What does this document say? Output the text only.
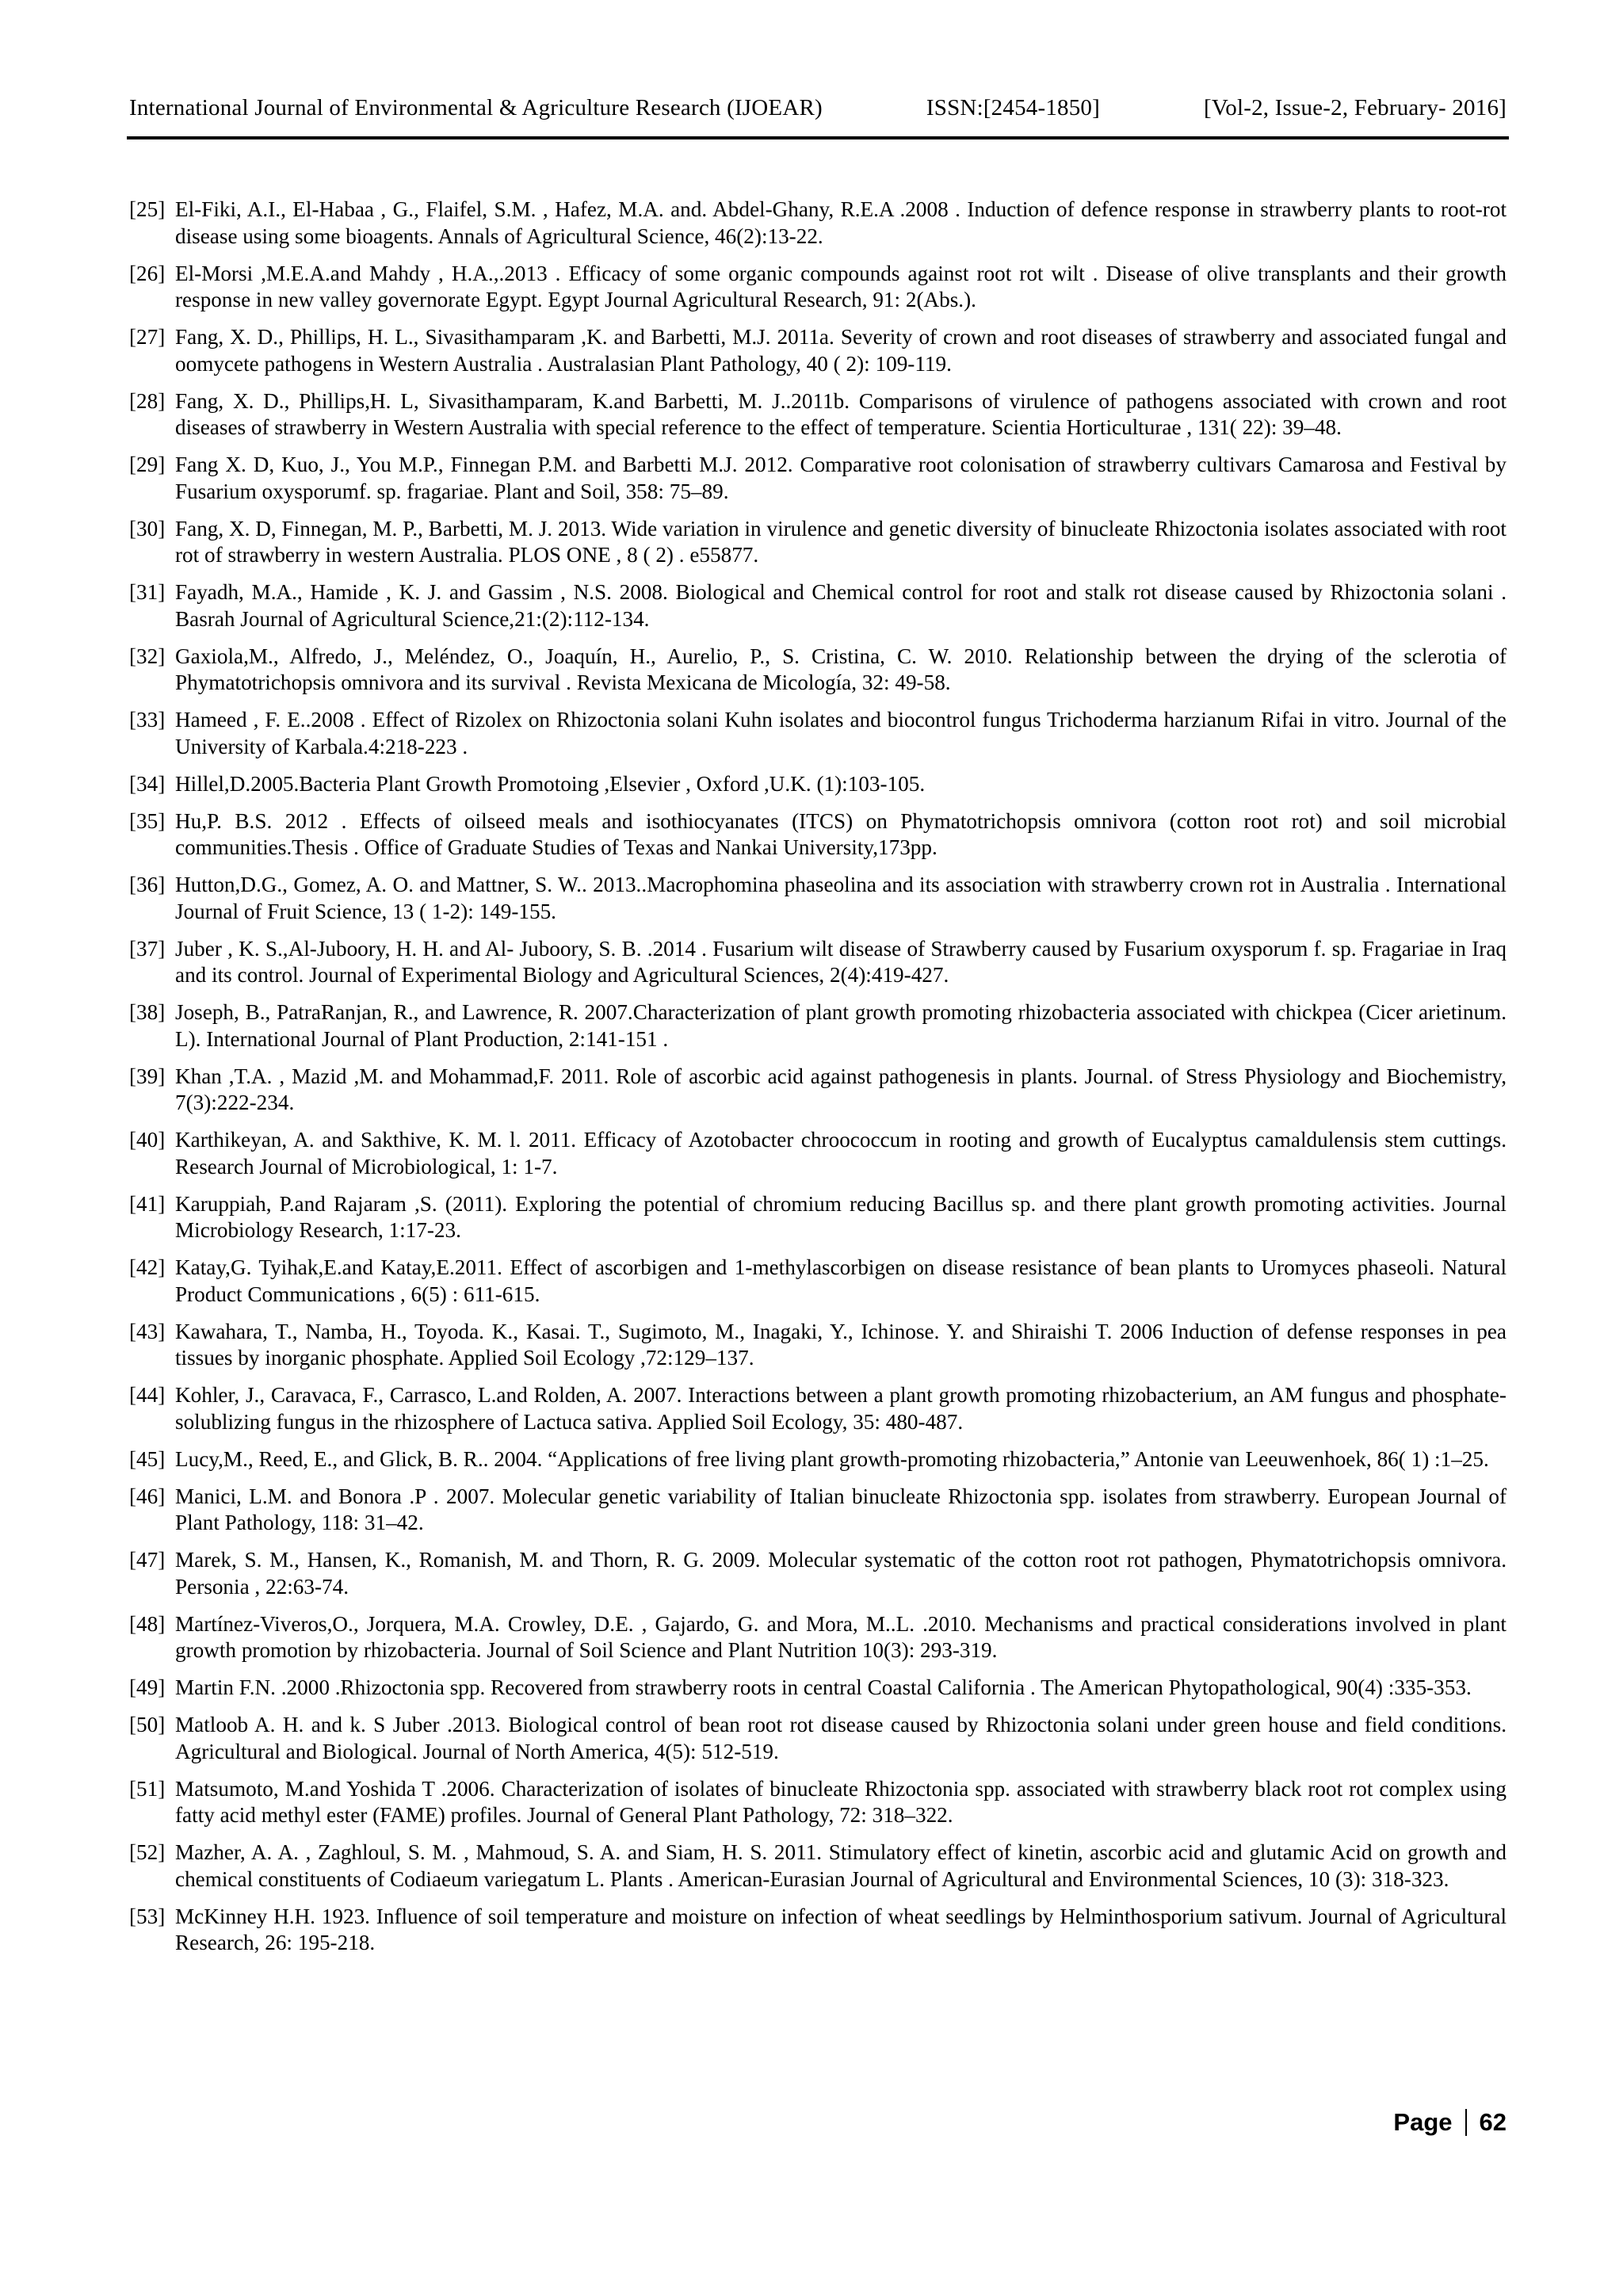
International Journal of Environmental & Agriculture Research (IJOEAR)	ISSN:[2454-1850]	[Vol-2, Issue-2, February- 2016]
[25] El-Fiki, A.I., El-Habaa , G., Flaifel, S.M. , Hafez, M.A. and. Abdel-Ghany, R.E.A .2008 . Induction of defence response in strawberry plants to root-rot disease using some bioagents. Annals of Agricultural Science, 46(2):13-22.
[26] El-Morsi ,M.E.A.and Mahdy , H.A.,.2013 . Efficacy of some organic compounds against root rot wilt . Disease of olive transplants and their growth response in new valley governorate Egypt. Egypt Journal Agricultural Research, 91: 2(Abs.).
[27] Fang, X. D., Phillips, H. L., Sivasithamparam ,K. and Barbetti, M.J. 2011a. Severity of crown and root diseases of strawberry and associated fungal and oomycete pathogens in Western Australia . Australasian Plant Pathology, 40 ( 2): 109-119.
[28] Fang, X. D., Phillips,H. L, Sivasithamparam, K.and Barbetti, M. J..2011b. Comparisons of virulence of pathogens associated with crown and root diseases of strawberry in Western Australia with special reference to the effect of temperature. Scientia Horticulturae , 131( 22): 39–48.
[29] Fang X. D, Kuo, J., You M.P., Finnegan P.M. and Barbetti M.J. 2012. Comparative root colonisation of strawberry cultivars Camarosa and Festival by Fusarium oxysporumf. sp. fragariae. Plant and Soil, 358: 75–89.
[30] Fang, X. D, Finnegan, M. P., Barbetti, M. J. 2013. Wide variation in virulence and genetic diversity of binucleate Rhizoctonia isolates associated with root rot of strawberry in western Australia. PLOS ONE , 8 ( 2) . e55877.
[31] Fayadh, M.A., Hamide , K. J. and Gassim , N.S. 2008. Biological and Chemical control for root and stalk rot disease caused by Rhizoctonia solani . Basrah Journal of Agricultural Science,21:(2):112-134.
[32] Gaxiola,M., Alfredo, J., Meléndez, O., Joaquín, H., Aurelio, P., S. Cristina, C. W. 2010. Relationship between the drying of the sclerotia of Phymatotrichopsis omnivora and its survival . Revista Mexicana de Micología, 32: 49-58.
[33] Hameed , F. E..2008 . Effect of Rizolex on Rhizoctonia solani Kuhn isolates and biocontrol fungus Trichoderma harzianum Rifai in vitro. Journal of the University of Karbala.4:218-223 .
[34] Hillel,D.2005.Bacteria Plant Growth Promotoing ,Elsevier , Oxford ,U.K. (1):103-105.
[35] Hu,P. B.S. 2012 . Effects of oilseed meals and isothiocyanates (ITCS) on Phymatotrichopsis omnivora (cotton root rot) and soil microbial communities.Thesis . Office of Graduate Studies of Texas and Nankai University,173pp.
[36] Hutton,D.G., Gomez, A. O. and Mattner, S. W.. 2013..Macrophomina phaseolina and its association with strawberry crown rot in Australia . International Journal of Fruit Science, 13 ( 1-2): 149-155.
[37] Juber , K. S.,Al-Juboory, H. H. and Al- Juboory, S. B. .2014 . Fusarium wilt disease of Strawberry caused by Fusarium oxysporum f. sp. Fragariae in Iraq and its control. Journal of Experimental Biology and Agricultural Sciences, 2(4):419-427.
[38] Joseph, B., PatraRanjan, R., and Lawrence, R. 2007.Characterization of plant growth promoting rhizobacteria associated with chickpea (Cicer arietinum. L). International Journal of Plant Production, 2:141-151 .
[39] Khan ,T.A. , Mazid ,M. and Mohammad,F. 2011. Role of ascorbic acid against pathogenesis in plants. Journal. of Stress Physiology and Biochemistry, 7(3):222-234.
[40] Karthikeyan, A. and Sakthive, K. M. l. 2011. Efficacy of Azotobacter chroococcum in rooting and growth of Eucalyptus camaldulensis stem cuttings. Research Journal of Microbiological, 1: 1-7.
[41] Karuppiah, P.and Rajaram ,S. (2011). Exploring the potential of chromium reducing Bacillus sp. and there plant growth promoting activities. Journal Microbiology Research, 1:17-23.
[42] Katay,G. Tyihak,E.and Katay,E.2011. Effect of ascorbigen and 1-methylascorbigen on disease resistance of bean plants to Uromyces phaseoli. Natural Product Communications , 6(5) : 611-615.
[43] Kawahara, T., Namba, H., Toyoda. K., Kasai. T., Sugimoto, M., Inagaki, Y., Ichinose. Y. and Shiraishi T. 2006 Induction of defense responses in pea tissues by inorganic phosphate. Applied Soil Ecology ,72:129–137.
[44] Kohler, J., Caravaca, F., Carrasco, L.and Rolden, A. 2007. Interactions between a plant growth promoting rhizobacterium, an AM fungus and phosphate-solublizing fungus in the rhizosphere of Lactuca sativa. Applied Soil Ecology, 35: 480-487.
[45] Lucy,M., Reed, E., and Glick, B. R.. 2004. “Applications of free living plant growth-promoting rhizobacteria,” Antonie van Leeuwenhoek, 86( 1) :1–25.
[46] Manici, L.M. and Bonora .P . 2007. Molecular genetic variability of Italian binucleate Rhizoctonia spp. isolates from strawberry. European Journal of Plant Pathology, 118: 31–42.
[47] Marek, S. M., Hansen, K., Romanish, M. and Thorn, R. G. 2009. Molecular systematic of the cotton root rot pathogen, Phymatotrichopsis omnivora. Personia , 22:63-74.
[48] Martínez-Viveros,O., Jorquera, M.A. Crowley, D.E. , Gajardo, G. and Mora, M..L. .2010. Mechanisms and practical considerations involved in plant growth promotion by rhizobacteria. Journal of Soil Science and Plant Nutrition 10(3): 293-319.
[49] Martin F.N. .2000 .Rhizoctonia spp. Recovered from strawberry roots in central Coastal California . The American Phytopathological, 90(4) :335-353.
[50] Matloob A. H. and k. S Juber .2013. Biological control of bean root rot disease caused by Rhizoctonia solani under green house and field conditions. Agricultural and Biological. Journal of North America, 4(5): 512-519.
[51] Matsumoto, M.and Yoshida T .2006. Characterization of isolates of binucleate Rhizoctonia spp. associated with strawberry black root rot complex using fatty acid methyl ester (FAME) profiles. Journal of General Plant Pathology, 72: 318–322.
[52] Mazher, A. A. , Zaghloul, S. M. , Mahmoud, S. A. and Siam, H. S. 2011. Stimulatory effect of kinetin, ascorbic acid and glutamic Acid on growth and chemical constituents of Codiaeum variegatum L. Plants . American-Eurasian Journal of Agricultural and Environmental Sciences, 10 (3): 318-323.
[53] McKinney H.H. 1923. Influence of soil temperature and moisture on infection of wheat seedlings by Helminthosporium sativum. Journal of Agricultural Research, 26: 195-218.
Page 62
